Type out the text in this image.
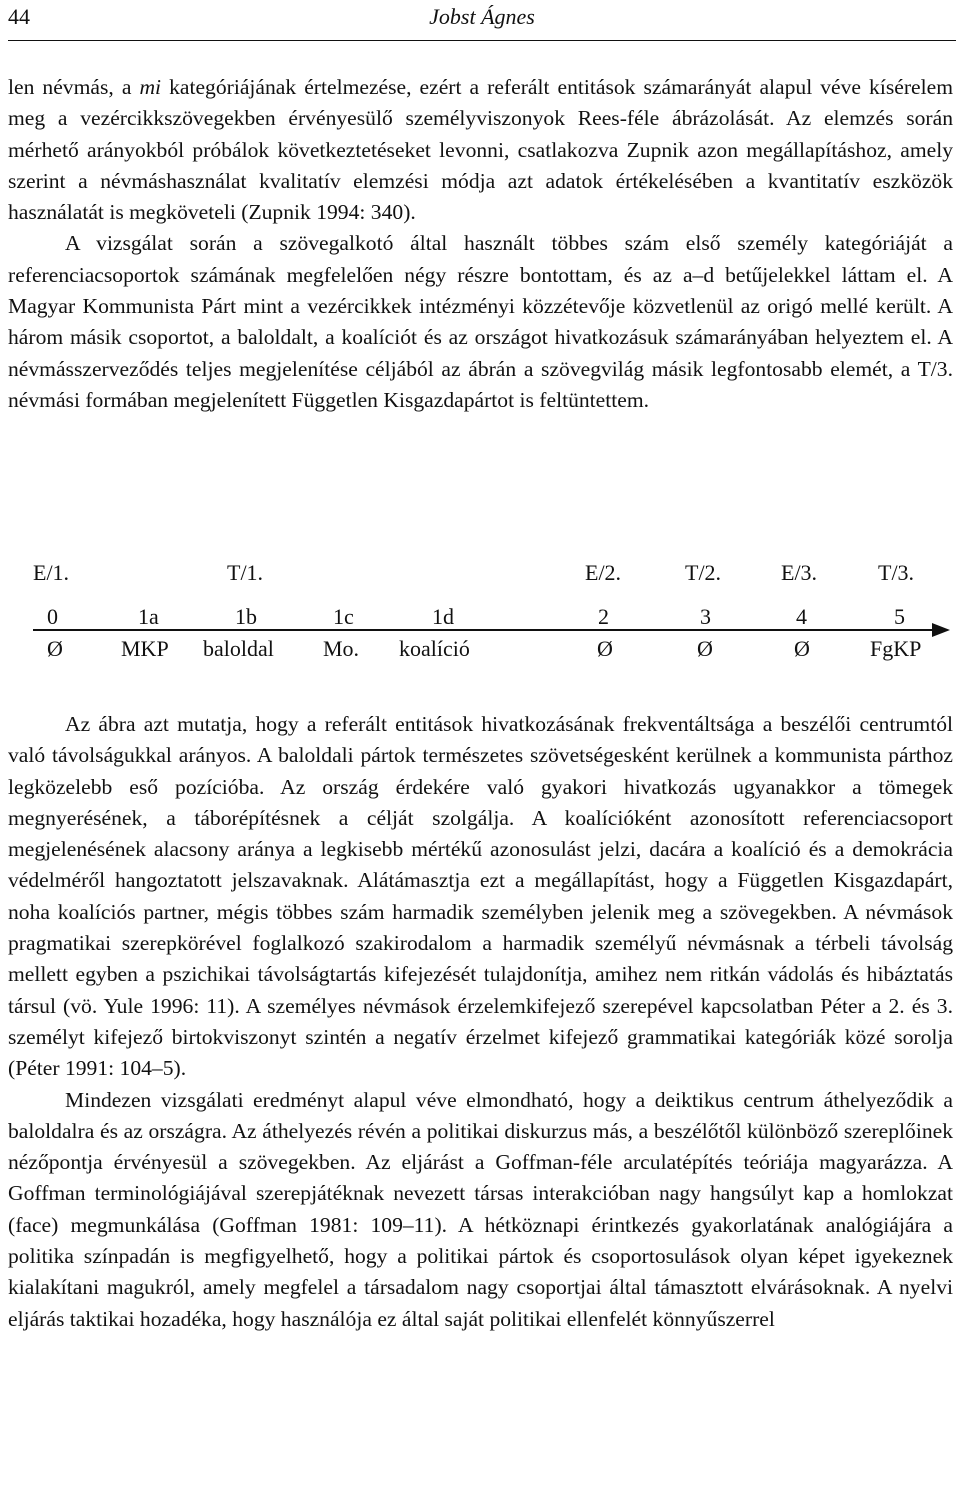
44	Jobst Ágnes

len névmás, a mi kategóriájának értelmezése, ezért a referált entitások számarányát alapul véve kísérelem meg a vezércikkszövegekben érvényesülő személyviszonyok Rees-féle ábrázolását. Az elemzés során mérhető arányokból próbálok következtetéseket levonni, csatlakozva Zupnik azon megállapításhoz, amely szerint a névmáshasználat kvalitatív elemzési módja azt adatok értékelésében a kvantitatív eszközök használatát is megköveteli (Zupnik 1994: 340).

A vizsgálat során a szövegalkotó által használt többes szám első személy kategóriáját a referenciacsoportok számának megfelelően négy részre bontottam, és az a–d betűjelekkel láttam el. A Magyar Kommunista Párt mint a vezércikkek intézményi közzétevője közvetlenül az origó mellé került. A három másik csoportot, a baloldalt, a koalíciót és az országot hivatkozásuk számarányában helyeztem el. A névmásszerveződés teljes megjelenítése céljából az ábrán a szövegvilág másik legfontosabb elemét, a T/3. névmási formában megjelenített Független Kisgazdapártot is feltüntettem.

E/1.	T/1.	E/2.	T/2.	E/3.	T/3.
0	1a	1b	1c	1d	2	3	4	5
Ø	MKP baloldal Mo. koalíció	Ø	Ø	Ø	FgKP

Az ábra azt mutatja, hogy a referált entitások hivatkozásának frekventáltsága a beszélői centrumtól való távolságukkal arányos. A baloldali pártok természetes szövetségesként kerülnek a kommunista párthoz legközelebb eső pozícióba. Az ország érdekére való gyakori hivatkozás ugyanakkor a tömegek megnyerésének, a táborépítésnek a célját szolgálja. A koalícióként azonosított referenciacsoport megjelenésének alacsony aránya a legkisebb mértékű azonosulást jelzi, dacára a koalíció és a demokrácia védelméről hangoztatott jelszavaknak. Alátámasztja ezt a megállapítást, hogy a Független Kisgazdapárt, noha koalíciós partner, mégis többes szám harmadik személyben jelenik meg a szövegekben. A névmások pragmatikai szerepkörével foglalkozó szakirodalom a harmadik személyű névmásnak a térbeli távolság mellett egyben a pszichikai távolságtartás kifejezését tulajdonítja, amihez nem ritkán vádolás és hibáztatás társul (vö. Yule 1996: 11). A személyes névmások érzelemkifejező szerepével kapcsolatban Péter a 2. és 3. személyt kifejező birtokviszonyt szintén a negatív érzelmet kifejező grammatikai kategóriák közé sorolja (Péter 1991: 104–5).

Mindezen vizsgálati eredményt alapul véve elmondható, hogy a deiktikus centrum áthelyeződik a baloldalra és az országra. Az áthelyezés révén a politikai diskurzus más, a beszélőtől különböző szereplőinek nézőpontja érvényesül a szövegekben. Az eljárást a Goffman-féle arculatépítés teóriája magyarázza. A Goffman terminológiájával szerepjátéknak nevezett társas interakcióban nagy hangsúlyt kap a homlokzat (face) megmunkálása (Goffman 1981: 109–11). A hétköznapi érintkezés gyakorlatának analógiájára a politika színpadán is megfigyelhető, hogy a politikai pártok és csoportosulások olyan képet igyekeznek kialakítani magukról, amely megfelel a társadalom nagy csoportjai által támasztott elvárásoknak. A nyelvi eljárás taktikai hozadéka, hogy használója ez által saját politikai ellenfelét könnyűszerrel
